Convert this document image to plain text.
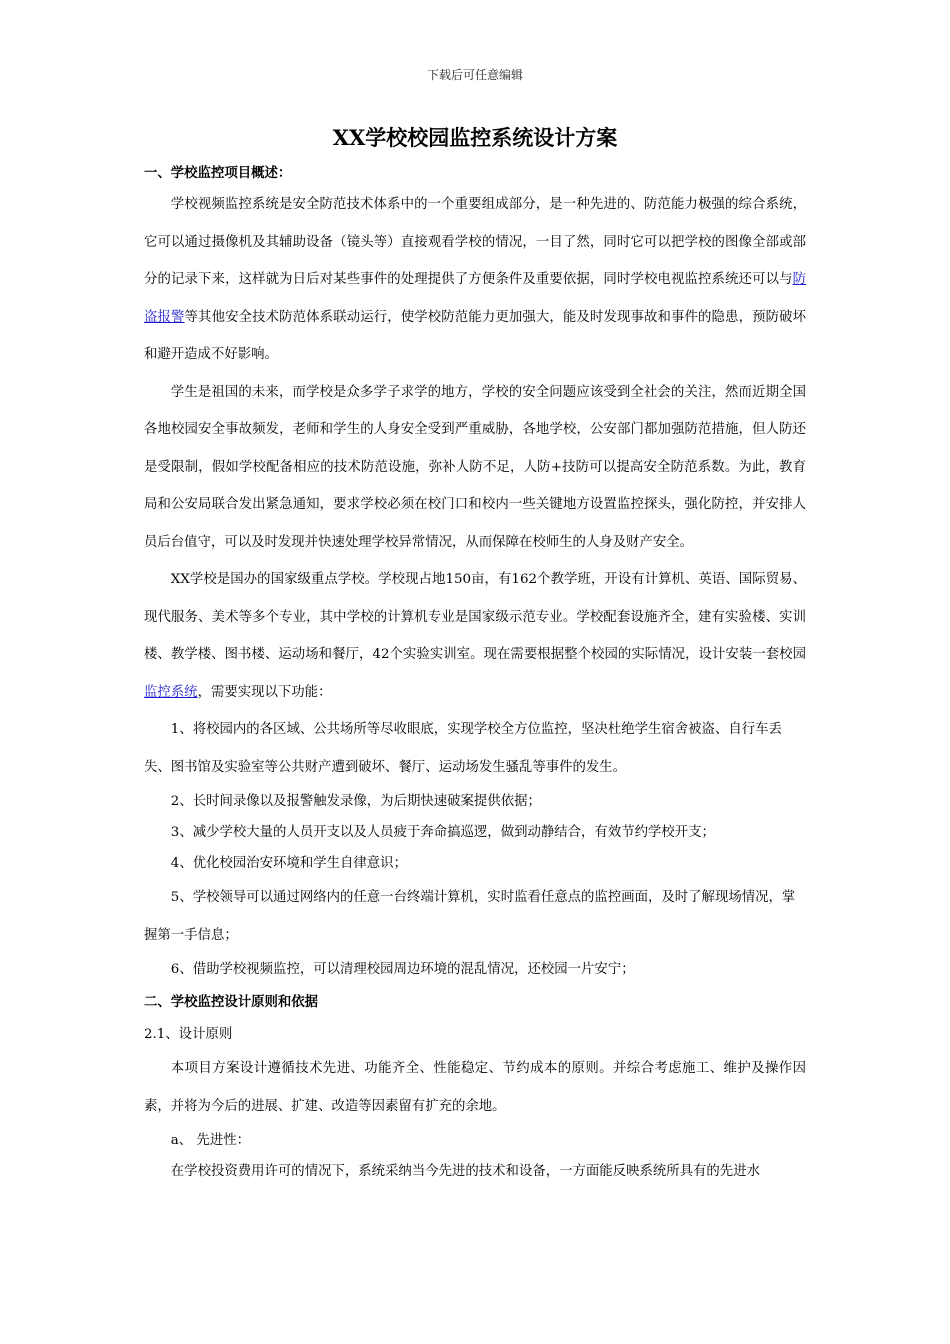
下载后可任意编辑
XX学校校园监控系统设计方案

一、学校监控项目概述：

学校视频监控系统是安全防范技术体系中的一个重要组成部分，是一种先进的、防范能力极强的综合系统，它可以通过摄像机及其辅助设备（镜头等）直接观看学校的情况，一目了然，同时它可以把学校的图像全部或部分的记录下来，这样就为日后对某些事件的处理提供了方便条件及重要依据，同时学校电视监控系统还可以与防盗报警等其他安全技术防范体系联动运行，使学校防范能力更加强大，能及时发现事故和事件的隐患，预防破坏和避开造成不好影响。

学生是祖国的未来，而学校是众多学子求学的地方，学校的安全问题应该受到全社会的关注，然而近期全国各地校园安全事故频发，老师和学生的人身安全受到严重威胁，各地学校，公安部门都加强防范措施，但人防还是受限制，假如学校配备相应的技术防范设施，弥补人防不足，人防+技防可以提高安全防范系数。为此，教育局和公安局联合发出紧急通知，要求学校必须在校门口和校内一些关键地方设置监控探头，强化防控，并安排人员后台值守，可以及时发现并快速处理学校异常情况，从而保障在校师生的人身及财产安全。

XX学校是国办的国家级重点学校。学校现占地150亩，有162个教学班，开设有计算机、英语、国际贸易、现代服务、美术等多个专业，其中学校的计算机专业是国家级示范专业。学校配套设施齐全，建有实验楼、实训楼、教学楼、图书楼、运动场和餐厅，42个实验实训室。现在需要根据整个校园的实际情况，设计安装一套校园监控系统，需要实现以下功能：

1、将校园内的各区域、公共场所等尽收眼底，实现学校全方位监控，坚决杜绝学生宿舍被盗、自行车丢失、图书馆及实验室等公共财产遭到破坏、餐厅、运动场发生骚乱等事件的发生。

2、长时间录像以及报警触发录像，为后期快速破案提供依据；

3、减少学校大量的人员开支以及人员疲于奔命搞巡逻，做到动静结合，有效节约学校开支；

4、优化校园治安环境和学生自律意识；

5、学校领导可以通过网络内的任意一台终端计算机，实时监看任意点的监控画面，及时了解现场情况，掌握第一手信息；

6、借助学校视频监控，可以清理校园周边环境的混乱情况，还校园一片安宁；

二、学校监控设计原则和依据

2.1、设计原则

本项目方案设计遵循技术先进、功能齐全、性能稳定、节约成本的原则。并综合考虑施工、维护及操作因素，并将为今后的进展、扩建、改造等因素留有扩充的余地。

a、 先进性：

在学校投资费用许可的情况下，系统采纳当今先进的技术和设备，一方面能反映系统所具有的先进水
